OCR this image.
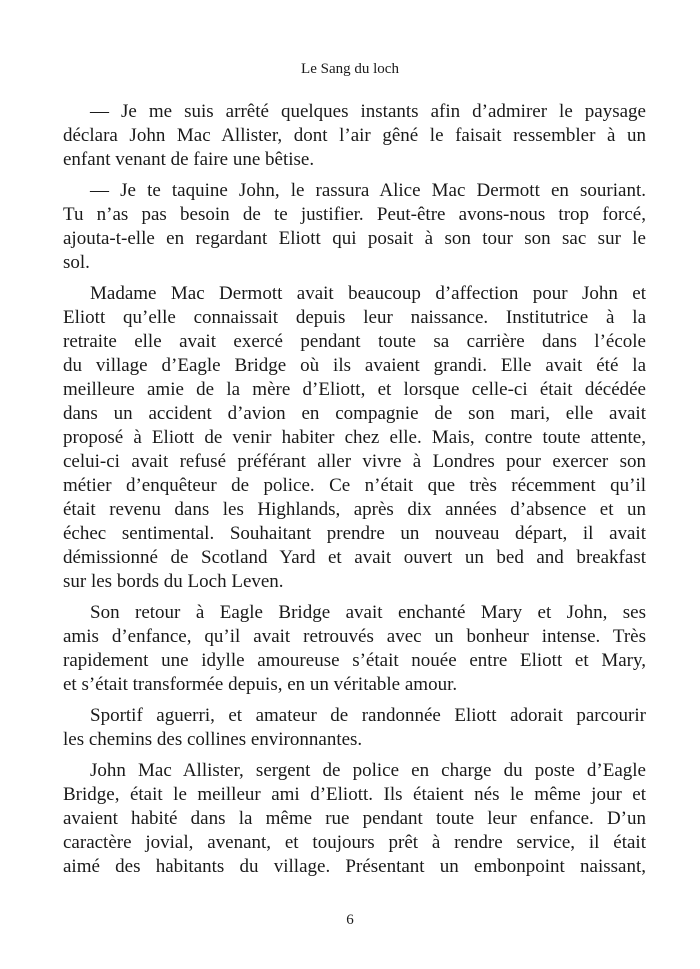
Le Sang du loch
— Je me suis arrêté quelques instants afin d’admirer le paysage
déclara John Mac Allister, dont l’air gêné le faisait ressembler à un
enfant venant de faire une bêtise.
— Je te taquine John, le rassura Alice Mac Dermott en souriant.
Tu n’as pas besoin de te justifier. Peut-être avons-nous trop forcé,
ajouta-t-elle en regardant Eliott qui posait à son tour son sac sur le
sol.
Madame Mac Dermott avait beaucoup d’affection pour John et
Eliott qu’elle connaissait depuis leur naissance. Institutrice à la
retraite elle avait exercé pendant toute sa carrière dans l’école
du village d’Eagle Bridge où ils avaient grandi. Elle avait été la
meilleure amie de la mère d’Eliott, et lorsque celle-ci était décédée
dans un accident d’avion en compagnie de son mari, elle avait
proposé à Eliott de venir habiter chez elle. Mais, contre toute attente,
celui-ci avait refusé préférant aller vivre à Londres pour exercer son
métier d’enquêteur de police. Ce n’était que très récemment qu’il
était revenu dans les Highlands, après dix années d’absence et un
échec sentimental. Souhaitant prendre un nouveau départ, il avait
démissionné de Scotland Yard et avait ouvert un bed and breakfast
sur les bords du Loch Leven.
Son retour à Eagle Bridge avait enchanté Mary et John, ses
amis d’enfance, qu’il avait retrouvés avec un bonheur intense. Très
rapidement une idylle amoureuse s’était nouée entre Eliott et Mary,
et s’était transformée depuis, en un véritable amour.
Sportif aguerri, et amateur de randonnée Eliott adorait parcourir
les chemins des collines environnantes.
John Mac Allister, sergent de police en charge du poste d’Eagle
Bridge, était le meilleur ami d’Eliott. Ils étaient nés le même jour et
avaient habité dans la même rue pendant toute leur enfance. D’un
caractère jovial, avenant, et toujours prêt à rendre service, il était
aimé des habitants du village. Présentant un embonpoint naissant,
6
